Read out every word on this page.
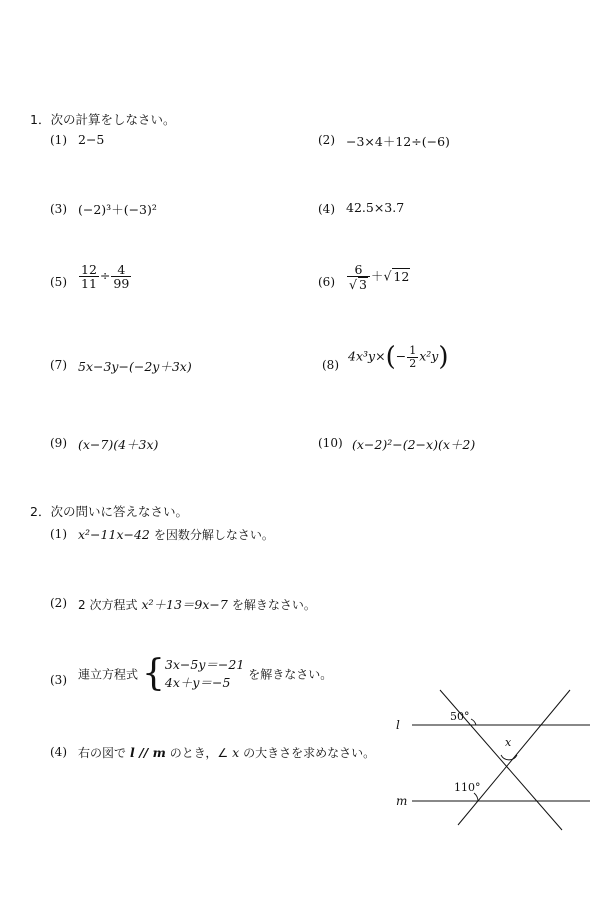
1．次の計算をしなさい。
(1) 2−5	(2) −3×4＋12÷(−6)
(3) (−2)³＋(−3)²	(4) 42.5×3.7
$(5) \frac{12}{11} \div \frac{4}{99}$	$(6) \frac{6}{√ 3}$ ＋√ 12
(7) 5x−3y−(−2y＋3x)	(8)
$4x^3y\times(- \frac{1}{2} x^2y)$
(9) (x−7)(4＋3x)	(10) (x−2)²−(2−x)(x＋2)
2．次の問いに答えなさい。
(1) x²−11x−42 を因数分解しなさい。
(2) 2 次方程式 x²＋13＝9x−7 を解きなさい。
(3) 連立方程式 { 3x−5y＝−21
4x＋y＝−5
を解きなさい。
(4) 右の図で l // m のとき，∠ x の大きさを求めなさい。
l
m
50°
110°
x
